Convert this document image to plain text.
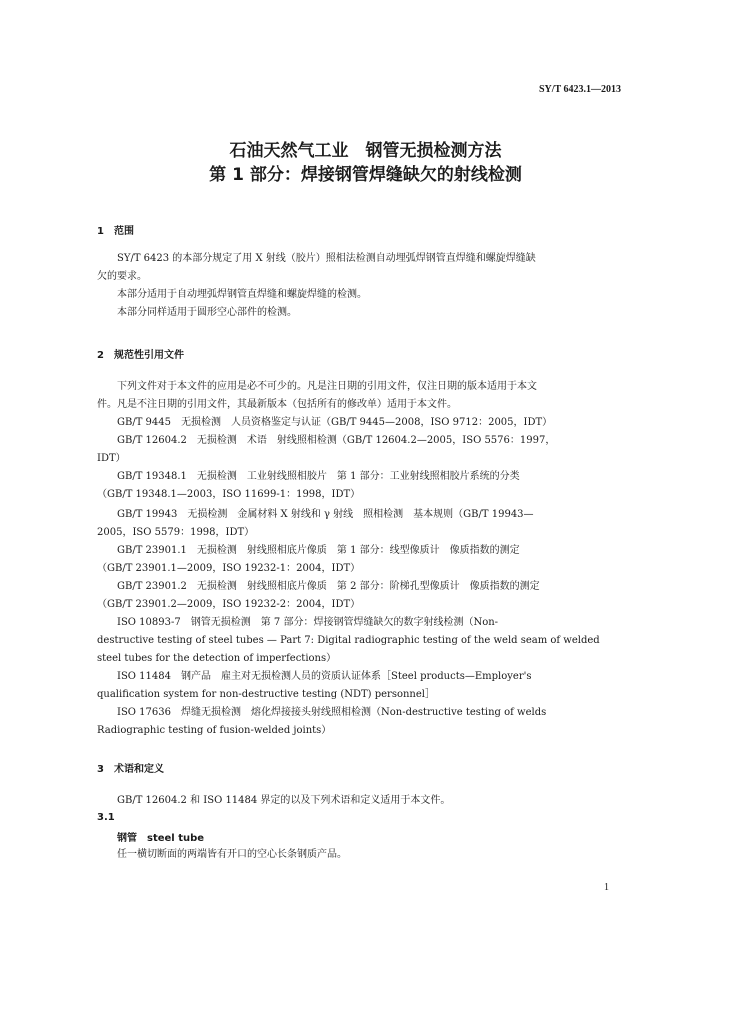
SY/T 6423.1—2013
石油天然气工业　钢管无损检测方法
第 1 部分：焊接钢管焊缝缺欠的射线检测
1　范围
SY/T 6423 的本部分规定了用 X 射线（胶片）照相法检测自动埋弧焊钢管直焊缝和螺旋焊缝缺
欠的要求。
本部分适用于自动埋弧焊钢管直焊缝和螺旋焊缝的检测。
本部分同样适用于圆形空心部件的检测。
2　规范性引用文件
下列文件对于本文件的应用是必不可少的。凡是注日期的引用文件，仅注日期的版本适用于本文
件。凡是不注日期的引用文件，其最新版本（包括所有的修改单）适用于本文件。
GB/T 9445　无损检测　人员资格鉴定与认证（GB/T 9445—2008，ISO 9712：2005，IDT）
GB/T 12604.2　无损检测　术语　射线照相检测（GB/T 12604.2—2005，ISO 5576：1997，
IDT）
GB/T 19348.1　无损检测　工业射线照相胶片　第 1 部分：工业射线照相胶片系统的分类
（GB/T 19348.1—2003，ISO 11699-1：1998，IDT）
GB/T 19943　无损检测　金属材料 X 射线和 γ 射线　照相检测　基本规则（GB/T 19943—
2005，ISO 5579：1998，IDT）
GB/T 23901.1　无损检测　射线照相底片像质　第 1 部分：线型像质计　像质指数的测定
（GB/T 23901.1—2009，ISO 19232-1：2004，IDT）
GB/T 23901.2　无损检测　射线照相底片像质　第 2 部分：阶梯孔型像质计　像质指数的测定
（GB/T 23901.2—2009，ISO 19232-2：2004，IDT）
ISO 10893-7　钢管无损检测　第 7 部分：焊接钢管焊缝缺欠的数字射线检测（Non-
destructive testing of steel tubes — Part 7: Digital radiographic testing of the weld seam of welded
steel tubes for the detection of imperfections）
ISO 11484　钢产品　雇主对无损检测人员的资质认证体系［Steel products—Employer's
qualification system for non-destructive testing (NDT) personnel］
ISO 17636　焊缝无损检测　熔化焊接接头射线照相检测（Non-destructive testing of welds
Radiographic testing of fusion-welded joints）
3　术语和定义
GB/T 12604.2 和 ISO 11484 界定的以及下列术语和定义适用于本文件。
3.1
钢管　steel tube
任一横切断面的两端皆有开口的空心长条钢质产品。
1
